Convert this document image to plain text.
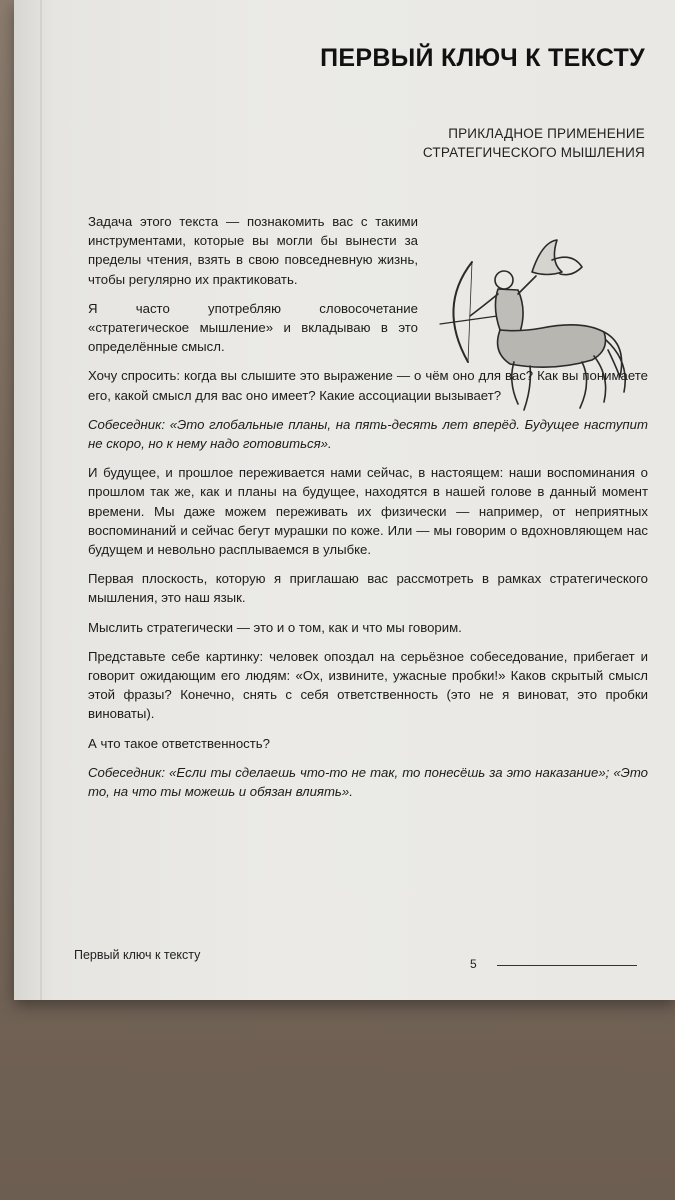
ПЕРВЫЙ КЛЮЧ К ТЕКСТУ
ПРИКЛАДНОЕ ПРИМЕНЕНИЕ
СТРАТЕГИЧЕСКОГО МЫШЛЕНИЯ

Задача этого текста — познакомить вас с такими инструментами, которые вы могли бы вынести за пределы чтения, взять в свою повседневную жизнь, чтобы регулярно их практиковать.

Я часто употребляю словосочетание «стратегическое мышление» и вкладываю в это определённые смысл.

Хочу спросить: когда вы слышите это выражение — о чём оно для вас? Как вы понимаете его, какой смысл для вас оно имеет? Какие ассоциации вызывает?

Собеседник: «Это глобальные планы, на пять-десять лет вперёд. Будущее наступит не скоро, но к нему надо готовиться».

И будущее, и прошлое переживается нами сейчас, в настоящем: наши воспоминания о прошлом так же, как и планы на будущее, находятся в нашей голове в данный момент времени. Мы даже можем переживать их физически — например, от неприятных воспоминаний и сейчас бегут мурашки по коже. Или — мы говорим о вдохновляющем нас будущем и невольно расплываемся в улыбке.

Первая плоскость, которую я приглашаю вас рассмотреть в рамках стратегического мышления, это наш язык.

Мыслить стратегически — это и о том, как и что мы говорим.

Представьте себе картинку: человек опоздал на серьёзное собеседование, прибегает и говорит ожидающим его людям: «Ох, извините, ужасные пробки!» Каков скрытый смысл этой фразы? Конечно, снять с себя ответственность (это не я виноват, это пробки виноваты).

А что такое ответственность?

Собеседник: «Если ты сделаешь что-то не так, то понесёшь за это наказание»; «Это то, на что ты можешь и обязан влиять».

Первый ключ к тексту
5
